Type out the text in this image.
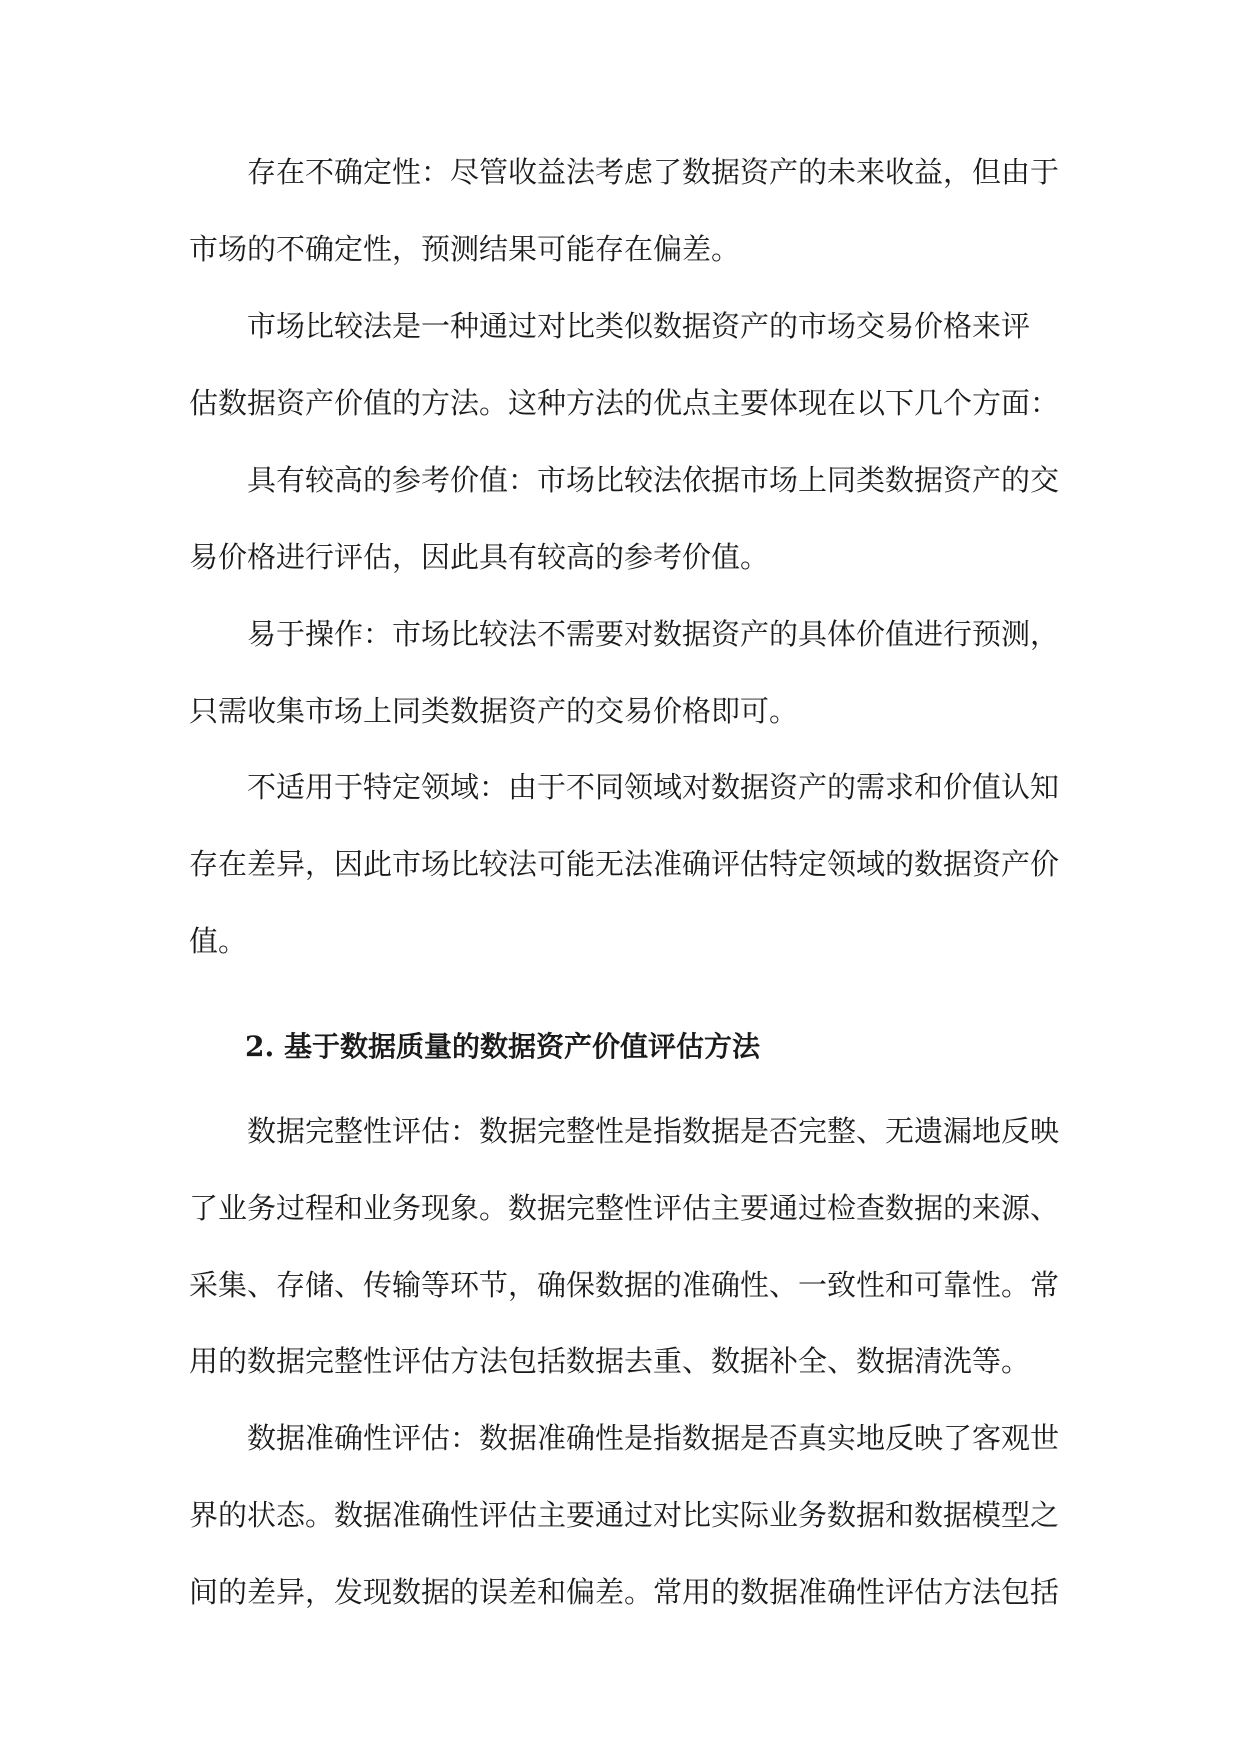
存在不确定性：尽管收益法考虑了数据资产的未来收益，但由于

市场的不确定性，预测结果可能存在偏差。

市场比较法是一种通过对比类似数据资产的市场交易价格来评

估数据资产价值的方法。这种方法的优点主要体现在以下几个方面：

具有较高的参考价值：市场比较法依据市场上同类数据资产的交

易价格进行评估，因此具有较高的参考价值。

易于操作：市场比较法不需要对数据资产的具体价值进行预测，

只需收集市场上同类数据资产的交易价格即可。

不适用于特定领域：由于不同领域对数据资产的需求和价值认知

存在差异，因此市场比较法可能无法准确评估特定领域的数据资产价

值。

2. 基于数据质量的数据资产价值评估方法

数据完整性评估：数据完整性是指数据是否完整、无遗漏地反映

了业务过程和业务现象。数据完整性评估主要通过检查数据的来源、

采集、存储、传输等环节，确保数据的准确性、一致性和可靠性。常

用的数据完整性评估方法包括数据去重、数据补全、数据清洗等。

数据准确性评估：数据准确性是指数据是否真实地反映了客观世

界的状态。数据准确性评估主要通过对比实际业务数据和数据模型之

间的差异，发现数据的误差和偏差。常用的数据准确性评估方法包括
